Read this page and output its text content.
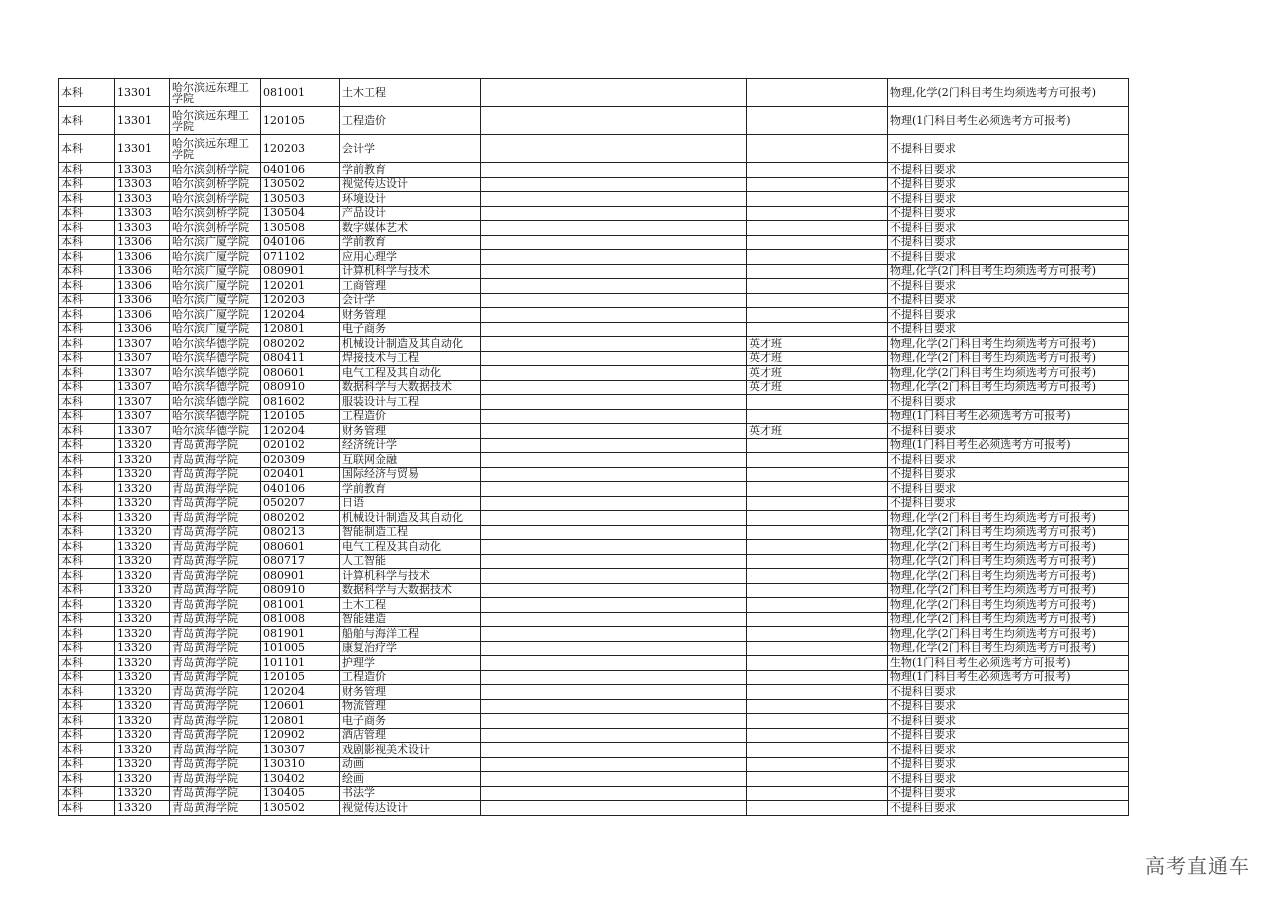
本科	13301	哈尔滨远东理工学院	081001	土木工程			物理,化学(2门科目考生均须选考方可报考)
本科	13301	哈尔滨远东理工学院	120105	工程造价			物理(1门科目考生必须选考方可报考)
本科	13301	哈尔滨远东理工学院	120203	会计学			不提科目要求
本科	13303	哈尔滨剑桥学院	040106	学前教育			不提科目要求
本科	13303	哈尔滨剑桥学院	130502	视觉传达设计			不提科目要求
本科	13303	哈尔滨剑桥学院	130503	环境设计			不提科目要求
本科	13303	哈尔滨剑桥学院	130504	产品设计			不提科目要求
本科	13303	哈尔滨剑桥学院	130508	数字媒体艺术			不提科目要求
本科	13306	哈尔滨广厦学院	040106	学前教育			不提科目要求
本科	13306	哈尔滨广厦学院	071102	应用心理学			不提科目要求
本科	13306	哈尔滨广厦学院	080901	计算机科学与技术			物理,化学(2门科目考生均须选考方可报考)
本科	13306	哈尔滨广厦学院	120201	工商管理			不提科目要求
本科	13306	哈尔滨广厦学院	120203	会计学			不提科目要求
本科	13306	哈尔滨广厦学院	120204	财务管理			不提科目要求
本科	13306	哈尔滨广厦学院	120801	电子商务			不提科目要求
本科	13307	哈尔滨华德学院	080202	机械设计制造及其自动化		英才班	物理,化学(2门科目考生均须选考方可报考)
本科	13307	哈尔滨华德学院	080411	焊接技术与工程		英才班	物理,化学(2门科目考生均须选考方可报考)
本科	13307	哈尔滨华德学院	080601	电气工程及其自动化		英才班	物理,化学(2门科目考生均须选考方可报考)
本科	13307	哈尔滨华德学院	080910	数据科学与大数据技术		英才班	物理,化学(2门科目考生均须选考方可报考)
本科	13307	哈尔滨华德学院	081602	服装设计与工程			不提科目要求
本科	13307	哈尔滨华德学院	120105	工程造价			物理(1门科目考生必须选考方可报考)
本科	13307	哈尔滨华德学院	120204	财务管理		英才班	不提科目要求
本科	13320	青岛黄海学院	020102	经济统计学			物理(1门科目考生必须选考方可报考)
本科	13320	青岛黄海学院	020309	互联网金融			不提科目要求
本科	13320	青岛黄海学院	020401	国际经济与贸易			不提科目要求
本科	13320	青岛黄海学院	040106	学前教育			不提科目要求
本科	13320	青岛黄海学院	050207	日语			不提科目要求
本科	13320	青岛黄海学院	080202	机械设计制造及其自动化			物理,化学(2门科目考生均须选考方可报考)
本科	13320	青岛黄海学院	080213	智能制造工程			物理,化学(2门科目考生均须选考方可报考)
本科	13320	青岛黄海学院	080601	电气工程及其自动化			物理,化学(2门科目考生均须选考方可报考)
本科	13320	青岛黄海学院	080717	人工智能			物理,化学(2门科目考生均须选考方可报考)
本科	13320	青岛黄海学院	080901	计算机科学与技术			物理,化学(2门科目考生均须选考方可报考)
本科	13320	青岛黄海学院	080910	数据科学与大数据技术			物理,化学(2门科目考生均须选考方可报考)
本科	13320	青岛黄海学院	081001	土木工程			物理,化学(2门科目考生均须选考方可报考)
本科	13320	青岛黄海学院	081008	智能建造			物理,化学(2门科目考生均须选考方可报考)
本科	13320	青岛黄海学院	081901	船舶与海洋工程			物理,化学(2门科目考生均须选考方可报考)
本科	13320	青岛黄海学院	101005	康复治疗学			物理,化学(2门科目考生均须选考方可报考)
本科	13320	青岛黄海学院	101101	护理学			生物(1门科目考生必须选考方可报考)
本科	13320	青岛黄海学院	120105	工程造价			物理(1门科目考生必须选考方可报考)
本科	13320	青岛黄海学院	120204	财务管理			不提科目要求
本科	13320	青岛黄海学院	120601	物流管理			不提科目要求
本科	13320	青岛黄海学院	120801	电子商务			不提科目要求
本科	13320	青岛黄海学院	120902	酒店管理			不提科目要求
本科	13320	青岛黄海学院	130307	戏剧影视美术设计			不提科目要求
本科	13320	青岛黄海学院	130310	动画			不提科目要求
本科	13320	青岛黄海学院	130402	绘画			不提科目要求
本科	13320	青岛黄海学院	130405	书法学			不提科目要求
本科	13320	青岛黄海学院	130502	视觉传达设计			不提科目要求
高考直通车
